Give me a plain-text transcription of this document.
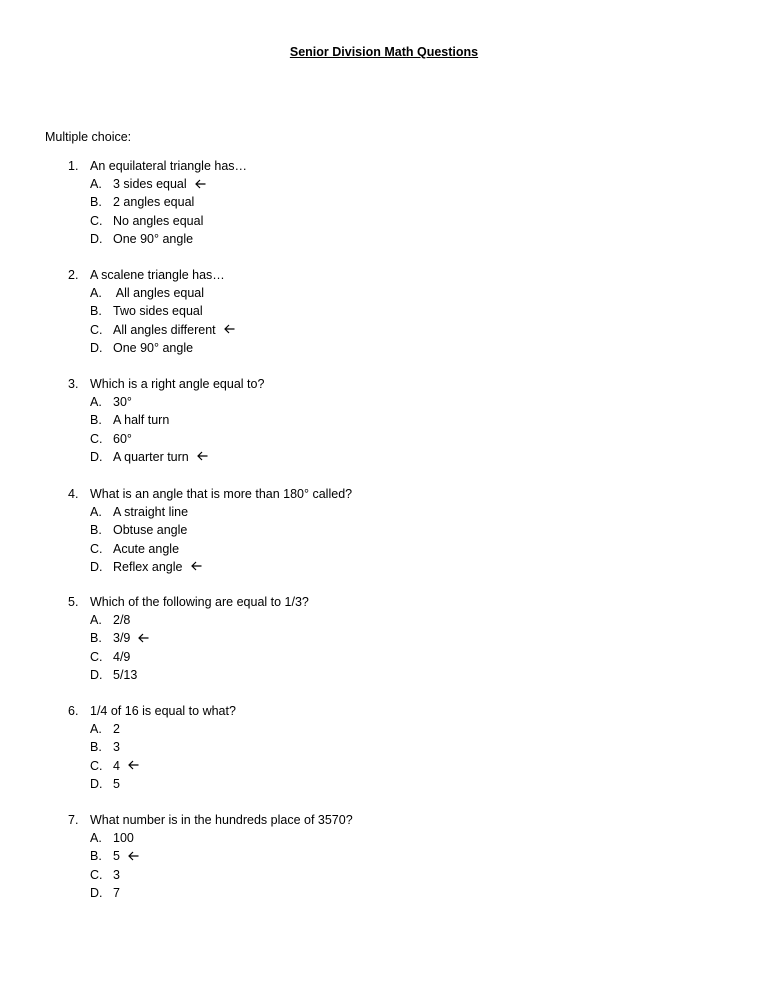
Senior Division Math Questions
Multiple choice:
1. An equilateral triangle has…
A. 3 sides equal
B. 2 angles equal
C. No angles equal
D. One 90° angle
2. A scalene triangle has…
A. All angles equal
B. Two sides equal
C. All angles different
D. One 90° angle
3. Which is a right angle equal to?
A. 30°
B. A half turn
C. 60°
D. A quarter turn
4. What is an angle that is more than 180° called?
A. A straight line
B. Obtuse angle
C. Acute angle
D. Reflex angle
5. Which of the following are equal to 1/3?
A. 2/8
B. 3/9
C. 4/9
D. 5/13
6. 1/4 of 16 is equal to what?
A. 2
B. 3
C. 4
D. 5
7. What number is in the hundreds place of 3570?
A. 100
B. 5
C. 3
D. 7
